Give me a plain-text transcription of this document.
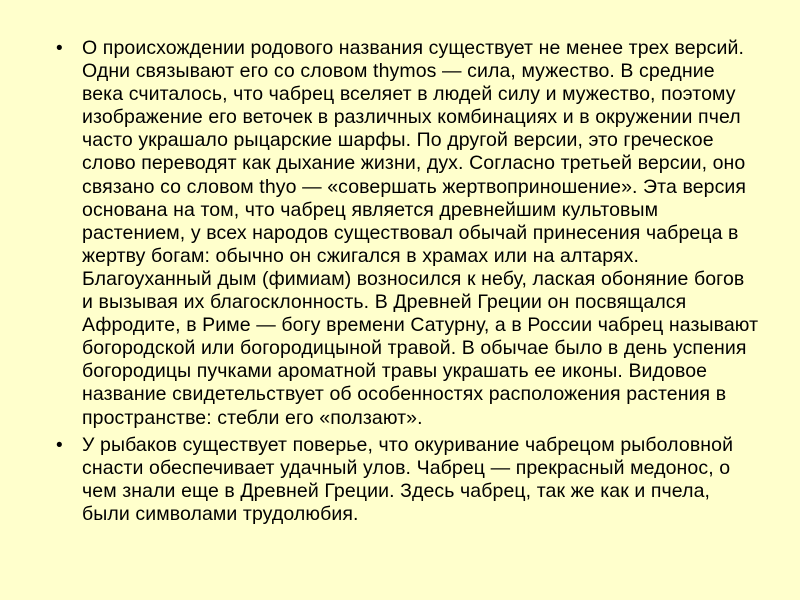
• О происхождении родового названия существует не менее трех версий. Одни связывают его со словом thymos — сила, мужество. В средние века считалось, что чабрец вселяет в людей силу и мужество, поэтому изображение его веточек в различных комбинациях и в окружении пчел часто украшало рыцарские шарфы. По другой версии, это греческое слово переводят как дыхание жизни, дух. Согласно третьей версии, оно связано со словом thyo — «совершать жертвоприношение». Эта версия основана на том, что чабрец является древнейшим культовым растением, у всех народов существовал обычай принесения чабреца в жертву богам: обычно он сжигался в храмах или на алтарях. Благоуханный дым (фимиам) возносился к небу, лаская обоняние богов и вызывая их благосклонность. В Древней Греции он посвящался Афродите, в Риме — богу времени Сатурну, а в России чабрец называют богородской или богородицыной травой. В обычае было в день успения богородицы пучками ароматной травы украшать ее иконы. Видовое название свидетельствует об особенностях расположения растения в пространстве: стебли его «ползают».
• У рыбаков существует поверье, что окуривание чабрецом рыболовной снасти обеспечивает удачный улов. Чабрец — прекрасный медонос, о чем знали еще в Древней Греции. Здесь чабрец, так же как и пчела, были символами трудолюбия.
